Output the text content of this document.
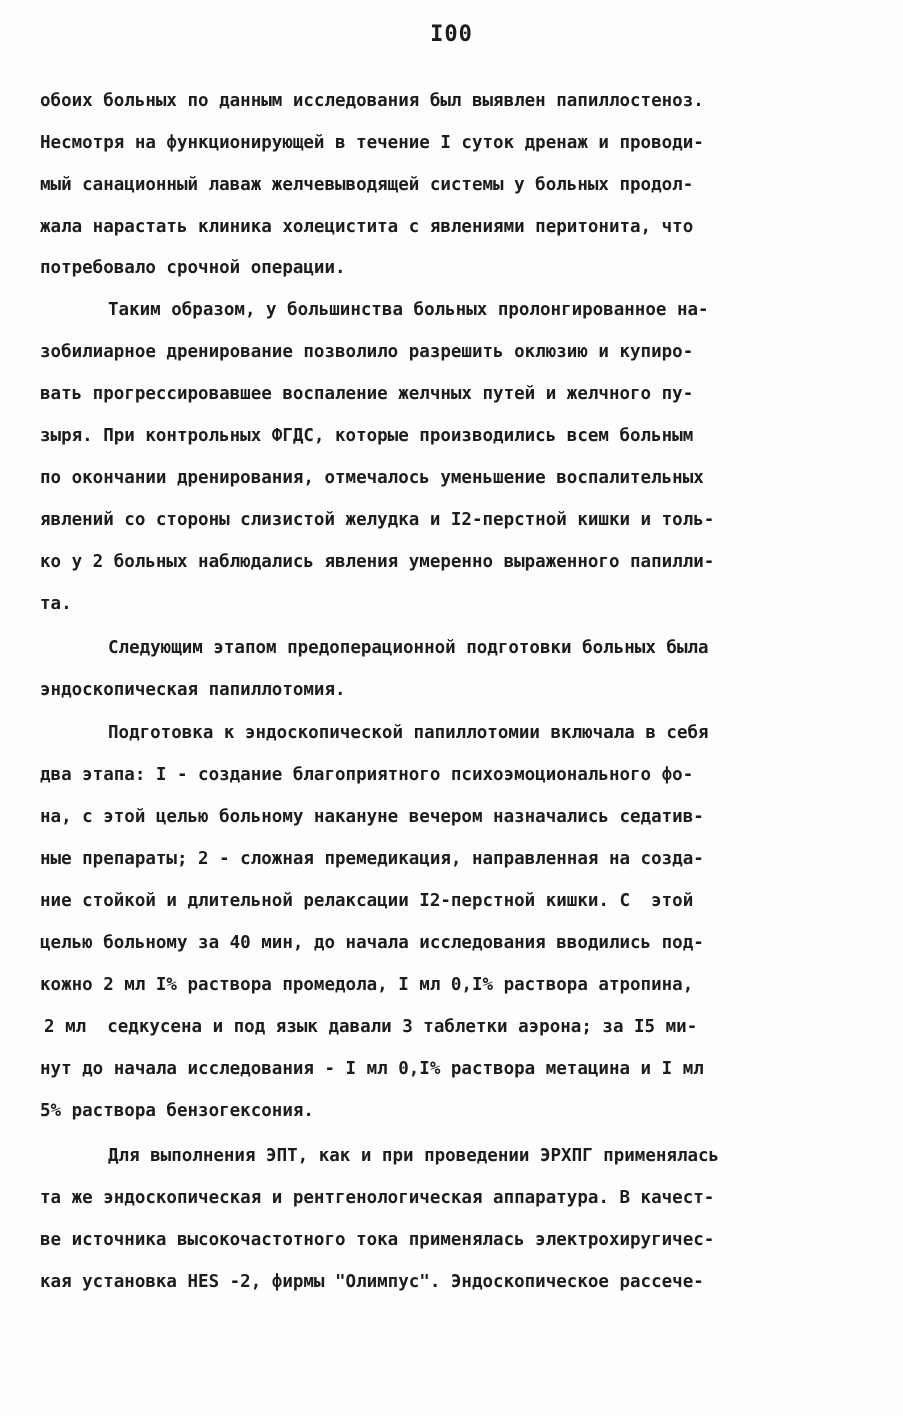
I00
обоих больных по данным исследования был выявлен папиллостеноз.
Несмотря на функционирующей в течение I суток дренаж и проводи-
мый санационный лаваж желчевыводящей системы у больных продол-
жала нарастать клиника холецистита с явлениями перитонита, что
потребовало срочной операции.
Таким образом, у большинства больных пролонгированное на-
зобилиарное дренирование позволило разрешить оклюзию и купиро-
вать прогрессировавшее воспаление желчных путей и желчного пу-
зыря. При контрольных ФГДС, которые производились всем больным
по окончании дренирования, отмечалось уменьшение воспалительных
явлений со стороны слизистой желудка и I2-перстной кишки и толь-
ко у 2 больных наблюдались явления умеренно выраженного папилли-
та.
Следующим этапом предоперационной подготовки больных была
эндоскопическая папиллотомия.
Подготовка к эндоскопической папиллотомии включала в себя
два этапа: I - создание благоприятного психоэмоционального фо-
на, с этой целью больному накануне вечером назначались седатив-
ные препараты; 2 - сложная премедикация, направленная на созда-
ние стойкой и длительной релаксации I2-перстной кишки. С  этой
целью больному за 40 мин, до начала исследования вводились под-
кожно 2 мл I% раствора промедола, I мл 0,I% раствора атропина,
2 мл  седкусена и под язык давали 3 таблетки аэрона; за I5 ми-
нут до начала исследования - I мл 0,I% раствора метацина и I мл
5% раствора бензогексония.
Для выполнения ЭПТ, как и при проведении ЭРХПГ применялась
та же эндоскопическая и рентгенологическая аппаратура. В качест-
ве источника высокочастотного тока применялась электрохиругичес-
кая установка HES -2, фирмы "Олимпус". Эндоскопическое рассече-
